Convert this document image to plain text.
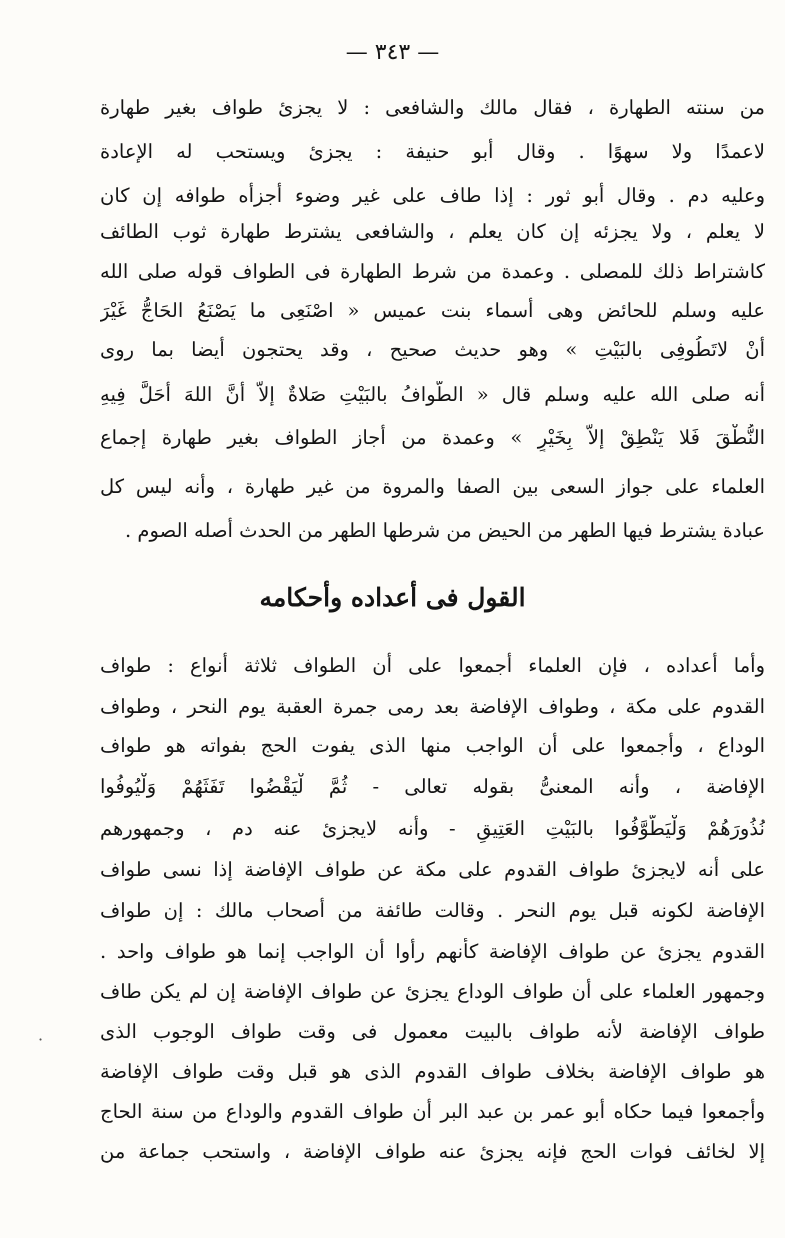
— ٣٤٣ —
من سنته الطهارة ، فقال مالك والشافعى : لا يجزئ طواف بغير طهارة
لاعمدًا ولا سهوًا . وقال أبو حنيفة : يجزئ ويستحب له الإعادة
وعليه دم . وقال أبو ثور : إذا طاف على غير وضوء أجزأه طوافه إن كان
لا يعلم ، ولا يجزئه إن كان يعلم ، والشافعى يشترط طهارة ثوب الطائف
كاشتراط ذلك للمصلى . وعمدة من شرط الطهارة فى الطواف قوله صلى الله
عليه وسلم للحائض وهى أسماء بنت عميس « اصْنَعِى ما يَصْنَعُ الحَاجُّ غَيْرَ
أنْ لاتَطُوفِى بالبَيْتِ » وهو حديث صحيح ، وقد يحتجون أيضا بما روى
أنه صلى الله عليه وسلم قال « الطَّوافُ بالبَيْتِ صَلاةٌ إلاَّ أنَّ اللهَ أحَلَّ فِيهِ
النُّطْقَ فَلا يَنْطِقْ إلاَّ بِخَيْرٍ » وعمدة من أجاز الطواف بغير طهارة إجماع
العلماء على جواز السعى بين الصفا والمروة من غير طهارة ، وأنه ليس كل
عبادة يشترط فيها الطهر من الحيض من شرطها الطهر من الحدث أصله الصوم .
القول فى أعداده وأحكامه
وأما أعداده ، فإن العلماء أجمعوا على أن الطواف ثلاثة أنواع : طواف
القدوم على مكة ، وطواف الإفاضة بعد رمى جمرة العقبة يوم النحر ، وطواف
الوداع ، وأجمعوا على أن الواجب منها الذى يفوت الحج بفواته هو طواف
الإفاضة ، وأنه المعنىُّ بقوله تعالى - ثُمَّ لْيَقْضُوا تَفَثَهُمْ وَلْيُوفُوا
نُذُورَهُمْ وَلْيَطَّوَّفُوا بالبَيْتِ العَتِيقِ - وأنه لايجزئ عنه دم ، وجمهورهم
على أنه لايجزئ طواف القدوم على مكة عن طواف الإفاضة إذا نسى طواف
الإفاضة لكونه قبل يوم النحر . وقالت طائفة من أصحاب مالك : إن طواف
القدوم يجزئ عن طواف الإفاضة كأنهم رأوا أن الواجب إنما هو طواف واحد .
وجمهور العلماء على أن طواف الوداع يجزئ عن طواف الإفاضة إن لم يكن طاف
طواف الإفاضة لأنه طواف بالبيت معمول فى وقت طواف الوجوب الذى
هو طواف الإفاضة بخلاف طواف القدوم الذى هو قبل وقت طواف الإفاضة
وأجمعوا فيما حكاه أبو عمر بن عبد البر أن طواف القدوم والوداع من سنة الحاج
إلا لخائف فوات الحج فإنه يجزئ عنه طواف الإفاضة ، واستحب جماعة من
·
